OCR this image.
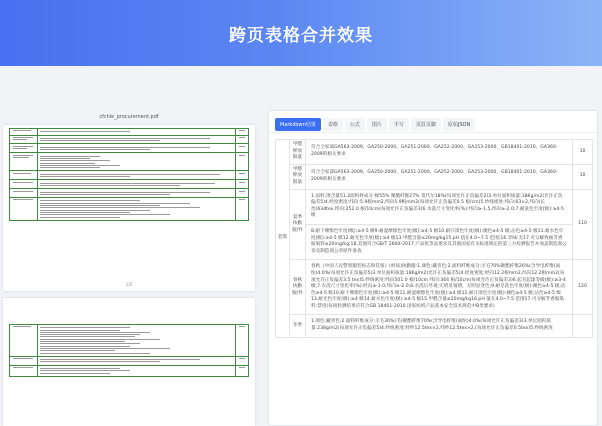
跨页表格合并效果
cfchle_procurement.pdf
1/2
Markdown结果	表格	公式	图片	手写	页眉页脚	原始JSON
装饰	甲醛释放限量	符合仝家部GA563-2009、GA250-2000、GA251-2000、GA252-2000、GA253-2000、GB18401-2010、GA360-2009的相关要求	10
	甲醛释放限量	符合仝家部GA563-2009、GA250-2000、GA251-2000、GA252-2000、GA253-2000、GB18401-2010、GA360-2009的相关要求	10
	夏季执勤服/件	1.面料:涤含量51.2面料材成分:棉55% 聚酯纤维27% 莫代尔18%(每项允许正负偏差2)3.单位面积质量:186g/m2(允许正负偏差5)4.经度密度:纬向:5.9根mm2,纬向5.9根mm2(每项允许正负偏差0.5 根/cm)5.纱线密度:纬向:63×2,纬向(长丝)63dtex,纬向:252.0 根/10cm(每项允许正负偏差3)6.水洗尺寸变化率(%):纬向≥-1.5,纬向≥-2.0;7.耐洗色牢度(级):≥4-5 级	110
		8.耐干摩擦色牢度(级):≥4-5 级9.耐湿摩擦色牢度(级):≥4-5 级10.耐汗渍色牢度(级):褪色≥4-5 级;沾色≥4-5 级11.耐水色牢度(级):≥4-5 级12.耐光色牢度(级):≥4 级13.甲醛含量≤20mg/kg15.pH 值在4.0~7.5 范围;16.异味:无17.可分解致癌芳香胺染料≤20mg/kg;18.其他符合GB/T 2660-2017 产品优等品要求及其他国家有关标准规定的第三方检测报告并加盖制造商公章及制造商公章原件备查	
	春秋执勤服/件	春秋《中国人民警察服装标志和装备》(材质)执勤服:1.颜色:藏青色;2.面料纤维成分:羊毛70%聚酯纤维26%(含导电纤维(氨纶)4.0%(每项允许正负偏差5)3.单位面积质量:186g/m2(允许正负偏差5)4.经度密度:经向12.2根mm2,纬向12.2根mm2(每项允许正负偏差3.5 tex)5.纱线密度:纬向501.0 根/10cm 纬向:364 根/10cm(每项允许正负偏差3)6.起毛起球等级(级):≥3-4级;7.水洗尺寸变化率(%):经向≥-1.0,纬向≥-2.0;8.水洗后外观:无明显皱褶、无明显变色;9.耐皂洗色牢度(级):褪色≥4-5 级;沾色≥4-5 级10.耐干摩擦色牢度(级):≥4-5 级11.耐湿摩擦色牢度(级):≥4 级12.耐汗渍色牢度(级):褪色≥4-5 级;沾色≥4-5 级13.耐光色牢度(级):≥4 级14.耐水色牢度(级):≥4-5 级15.甲醛含量≤20mg/kg16.pH 值在4.0~7.5 范围17.可分解芳香胺染料:禁用(每项检测结果应符合GB 18401-2010 国家纺织产品基本安全技术规范中B类要求)	120
	冬季	1.颜色:藏青色;2.面料纤维成分:羊毛30%(毛)聚酯纤维70%(含导电纤维(氨纶)4.0%(每项允许正负偏差3)3.单位面积质量:238g/m2(每项允许正负偏差5)4.纱线密度:经纱12.5tex×2,纬纱12.5tex×2,(每项允许正负偏差0.5tex)5.纱线密度	
